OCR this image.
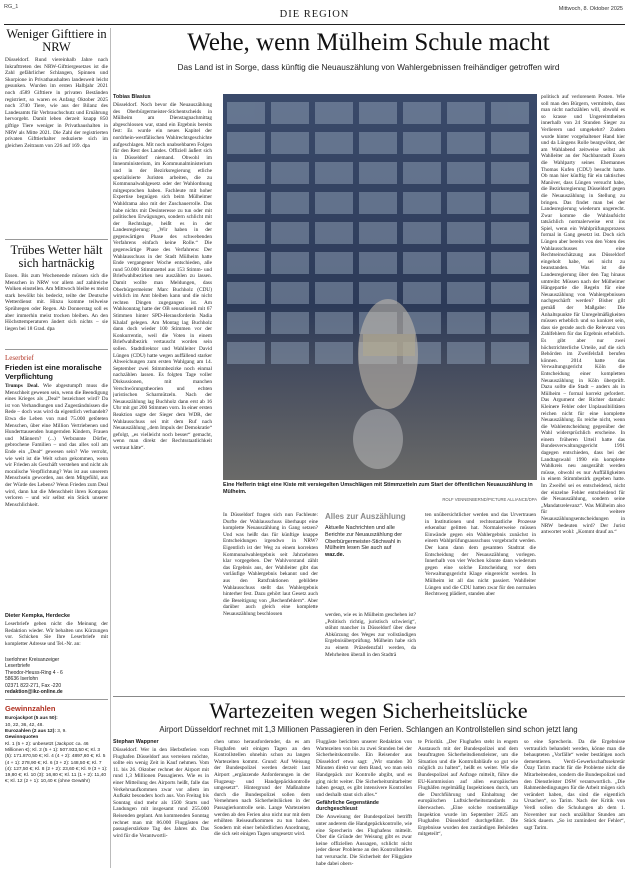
RG_1
DIE REGION	Mittwoch, 8. Oktober 2025
Weniger Gifttiere in NRW
Düsseldorf. Rund viereinhalb Jahre nach Inkrafttreten des NRW-Gifttiergesetzes ist die Zahl gefährlicher Schlangen, Spinnen und Skorpione in Privathaushalten landesweit leicht gesunken. Wurden im ersten Halbjahr 2021 noch 4589 Gifttiere in privaten Beständen registriert, so waren es Anfang Oktober 2025 noch 3740 Tiere, wie aus der Bilanz des Landesamts für Verbrauchschutz und Ernährung hervorgeht. Damit leben derzeit knapp 850 giftige Tiere weniger in Privathaushalten in NRW als Mitte 2021. Die Zahl der registrierten privaten Gifttierhalter reduzierte sich im gleichen Zeitraum von 226 auf 169. dpa
Trübes Wetter hält sich hartnäckig
Essen. Bis zum Wochenende müssen sich die Menschen in NRW vor allem auf zahlreiche Wolken einstellen. Am Mittwoch bleibe es meist stark bewölkt bis bedeckt, teilte der Deutsche Wetterdienst mit. Hinzu komme teilweise Sprühregen oder Regen. Ab Donnerstag soll es aber immerhin meist trocken bleiben. An den Höchsttemperaturen ändert sich nichts – sie liegen bei 18 Grad. dpa
Leserbrief
Frieden ist eine moralische Verpflichtung
Trumps Deal. Wie abgestumpft muss die Menschheit gewesen sein, wenn die Beendigung eines Krieges als „Deal“ bezeichnet wird? Da ist von Verhandlungen und Zugeständnissen die Rede – doch was wird da eigentlich verhandelt? Etwa die Leben von rund 75.000 getöteten Menschen, über eine Million Vertriebenen und Hunderttausenden hungernden Kindern, Frauen und Männern? (...) Verbrannte Dörfer, gebrochene Familien – und das alles soll am Ende ein „Deal“ gewesen sein? Wie verroht, wie weit ist die Welt schon gekommen, wenn wir Frieden als Geschäft verstehen und nicht als moralische Verpflichtung? Was ist aus unserem Menschsein geworden, aus dem Mitgefühl, aus der Würde des Lebens? Wenn Frieden zum Deal wird, dann hat die Menschheit ihren Kompass verloren – und wir selbst ein Stück unserer Menschlichkeit.
Dieter Kempka, Herdecke
Leserbriefe geben nicht die Meinung der Redaktion wieder. Wir behalten uns Kürzungen vor. Schicken Sie Ihre Leserbriefe mit kompletter Adresse und Tel.-Nr. an:
Iserlohner Kreisanzeiger
Leserbriefe
Theodor-Heuss-Ring 4 - 6
58636 Iserlohn
02371 822-271, Fax -220
redaktion@ikz-online.de
Gewinnzahlen
Eurojackpot (5 aus 50):
10, 22, 36, 42, 48.
Eurozahlen (2 aus 12): 3, 9.
Gewinnquoten
Kl. 1 (5 + 2): unbesetzt (Jackpot: ca. 46 Millionen €); Kl. 2 (5 + 1): 507.933,50 €; Kl. 3 (5): 171.870,50 €; Kl. 4 (4 + 2): 4897,60 €; Kl. 5 (4 + 1): 278,90 €; Kl. 6 (3 + 2): 148,50 €; Kl. 7 (4): 127,50 €; Kl. 8 (2 + 2): 23,60 €; Kl. 9 (3 + 1): 19,80 €; Kl. 10 (3): 16,80 €; Kl. 11 (1 + 2): 11,40 €; Kl. 12 (2 + 1): 10,40 € (ohne Gewähr)
Wehe, wenn Mülheim Schule macht
Das Land ist in Sorge, dass künftig die Neuauszählung von Wahlergebnissen freihändiger getroffen wird
Tobias Blasius
Düsseldorf. Noch bevor die Neuauszählung des Oberbürgermeister-Stichentscheids in Mülheim am Dienstagnachmittag abgeschlossen war, stand ein Ergebnis bereits fest: Es wurde ein neues Kapitel der nordrhein-westfälischen Wahlrechtsgeschichte aufgeschlagen. Mit noch unabsehbaren Folgen für den Rest des Landes. Offiziell äußert sich in Düsseldorf niemand. Obwohl im Innenministerium, im Kommunalministerium und in der Bezirksregierung etliche spezialisierte Juristen arbeiten, die zu Kommunalwahlgesetz oder der Wahlordnung mitgesprochen haben. Fachleute mit hoher Expertise begnügen sich beim Mülheimer Wahldrama also mit der Zuschauerrolle. Das habe nichts mit Desinteresse zu tun oder mit politischen Erwägungen, sondern schlicht mit der Rechtslage, heißt es in der Landesregierung: „Wir haben in der gegenwärtigen Phase des schwebenden Verfahrens einfach keine Rolle.“ Die gegenwärtige Phase des Verfahrens: Der Wahlausschuss in der Stadt Mülheim hatte Ende vergangener Woche entschieden, alle rund 50.000 Stimmzettel aus 153 Stimm- und Briefwahlbezirken neu auszählen zu lassen. Damit wollte man Meldungen, dass Oberbürgermeister Marc Buchholz (CDU) wirklich im Amt bleiben kann und die nicht rechten Dingen zugegangen ist. Am Wahlsonntag hatte der OB sensationell mit 67 Stimmen hinter SPD-Herausforderin Nadia Khalaf gelegen. Am Montag lag Buchholz dann doch wieder 100 Stimmen vor der Konkurrentin, weil die Voten in einem Briefwahlbezirk vertauscht worden sein sollen. Stadtdirektor und Wahlleiter David Lüngen (CDU) hatte wegen auffällend starker Abweichungen zum ersten Wahlgang am 14. September zwei Stimmbezirke noch einmal nachzählen lassen. Es folgten Tage voller Diskussionen, mit manchen Verschwörungstheorien und echten juristischen Scharmützeln. Nach der Neuauszählung lag Buchholz dann erst ab 16 Uhr mit gut 200 Stimmen vorn. In einer ersten Reaktion sagte der Sieger dem WDR, der Wahlausschuss sei mit dem Ruf nach Neuauszählung „dem Impuls der Demokratie“ gefolgt, „es vielleicht noch besser“ gemacht, wenn man direkt der Rechtsstaatlichkeit vertraut hätte“.
Eine Helferin trägt eine Kiste mit versiegelten Umschlägen mit Stimmzetteln zum Start der öffentlichen Neuauszählung in Mülheim.
ROLF VENNENBERND/PICTURE ALLIANCE/DPA
politisch auf verlorenem Posten. Wie soll man den Bürgern, vermitteln, dass man nicht nachzählen will, obwohl es so krasse und Ungereimtheiten innerhalb von 24 Stunden Sieger zu Verlierern und umgekehrt? Zudem wurde hinter vorgehaltener Hand hier und da Lüngens Rolle beargwöhnt, der am Wahlabend zeitweise selbst als Wahlleiter an der Nachbarstadt Essen die Wahlparty seines Ehemannes Thomas Kufen (CDU) besucht hatte. Ob man hier künftig für ein taktisches Manöver, dass Lüngen versucht habe, die Bezirksregierung Düsseldorf gegen die Neuauszählung in Stellung zu bringen. Das findet man bei der Landesregierung wiederum ungerecht. Zwar komme die Wahlaufsicht tatsächlich normalerweise erst ins Spiel, wenn ein Wahlprüfungsprozess formal in Gang gesetzt ist. Doch sich Lüngen aber bereits von den Voten des Wahlausschusses eine Rechtseinschätzung aus Düsseldorf eingeholt habe, sei nicht zu beanstanden. Was ist die Landesregierung über den Tag hinaus umtreibt: Müssen nach der Mülheimer Hängepartie die Regeln für eine Neuauszählung von Wahlergebnissen nachgeschärft werden? Bisher gilt gemäß der Maßgabe: Die Anhaltspunkte für Unregelmäßigkeiten müssen erheblich und so konkret sein, dass sie gerade auch die Relevanz von Zahlfehlern für das Ergebnis erheblich. Es gibt aber nur zwei höchstrichterliche Urteile, auf die sich Behörden im Zweifelsfall berufen können. 2014 hatte das Verwaltungsgericht Köln die Entscheidung einer kompletten Neuauszählung in Köln überprüft. Dazu sollte die Stadt – anders als in Mülheim – formal korrekt gefordert. Das Argument der Richter damals: Kleinere Fehler oder Unplausibilitäten reichen nicht für eine komplette Neuauszählung. Es reiche nicht, wenn die Wahlentscheidung gegenüber der Wahl widersprüchlich erscheine. In einem früheren Urteil hatte das Bundesverwaltungsgericht 1991 dagegen entschieden, dass bei der Landtagswahl 1990 ein komplette Wahlkreis neu ausgezählt werden müsse, obwohl es nur Auffälligkeiten in einem Stimmbezirk gegeben hatte. Im Zweifel sei es entscheidend, nicht der einzelne Fehler entscheidend für die Neuauszählung, sondern seine „Mandatsrelevanz“. Was Mülheim also für weitere Neuauszählungsentscheidungen in NRW bedeuten wird? Der Jurist antwortet wohl: „Kommt drauf an.“
In Düsseldorf fragen sich nun Fachleute: Durfte der Wahlausschuss überhaupt eine komplette Neuauszählung in Gang setzen? Und was heißt das für künftige knappe Entscheidungen irgendwo in NRW? Eigentlich ist der Weg zu einem korrekten Kommunalwahlergebnis seit Jahrzehnten klar vorgegeben. Der Wahlvorstand zählt das Ergebnis aus, der Wahlleiter gibt das vorläufige Wahlergebnis bekannt und der aus den Ratsfraktionen gebildete Wahlausschuss stellt das Wahlergebnis hinterher fest. Dazu gehört laut Gesetz auch die Beseitigung von „Rechenfehlern“. Aber darüber auch gleich eine komplette Neuauszählung beschlossen
Alles zur Auszählung
Aktuelle Nachrichten und alle Berichte zur Neuauszählung der Oberbürgermeister-Stichwahl in Mülheim lesen Sie auch auf
waz.de.
werden, wie es in Mülheim geschehen ist? „Politisch richtig, juristisch schwierig“, stöhnt mancher in Düsseldorf über diese Abkürzung des Weges zur vollständigen Ergebnisüberprüfung. Mülheim habe sich zu einem Präzedenzfall werden, da Mehrheiten überall in den Stadträ
ten unübersichtlicher werden und das Urvertrauen in Institutionen und rechtsstaatliche Prozesse erkennbar gelitten hat. Normalerweise müssen Einwände gegen ein Wahlergebnis zunächst in einem Wahlprüfungsausschuss vorgebracht werden. Der kann dann dem gesamten Stadtrat die Entscheidung der Neuauszählung vorlegen. Innerhalb von vier Wochen könnte dann wiederum gegen eine solche Entscheidung vor dem Verwaltungsgericht Klage eingereicht werden. In Mülheim ist all das nicht passiert. Wahlleiter Lüngen und die CDU hatten zwar für den normalen Rechtsweg plädiert, standen aber
Wartezeiten wegen Sicherheitslücke
Airport Düsseldorf rechnet mit 1,3 Millionen Passagieren in den Ferien. Schlangen an Kontrollstellen sind schon jetzt lang
Stephan Wappner
Düsseldorf. Wer in den Herbstferien vom Flughafen Düsseldorf aus verreisen möchte, sollte ein wenig Zeit in Kauf nehmen. Vom 11. bis 26. Oktober rechnet der Airport mit rund 1,3 Millionen Passagieren. Wie es in einer Mitteilung des Airports heißt, falle das Verkehrsaufkommen zwar vor allem im Aufkakt besonders hoch aus. Von Freitag bis Sonntag sind mehr als 1500 Starts und Landungen mit insgesamt rund 255.000 Reisenden geplant. Am kommenden Sonntag rechnet man mit 86.000 Fluggästen der passagierstärkste Tag des Jahres ab. Das wird für die Verantwortli-
chen umso herausfordernder, da es am Flughafen seit einigen Tagen an den Kontrollstellen ohnehin schon zu langen Wartezeiten kommt. Grund: Auf Weisung der Bundespolizei werden derzeit laut Airport „ergänzende Anforderungen in der Flugzeug- und Handgepäckkontrolle umgesetzt“. Hintergrund der Maßnahme durch die Bundespolizei sollen dem Vernehmen nach Sicherheitslücken in der Passagierkontrolle sein. Lange Wartezeiten werden ab den Ferien also nicht nur mit dem erhöhten Reiseaufkommen zu tun haben. Sondern mit einer behördlichen Anordnung, die sich seit einigen Tagen umgesetzt wird.
Fluggäste berichten unserer Redaktion von Wartezeiten von bis zu zwei Stunden bei der Sicherheitskontrolle. Ein Reisender aus Düsseldorf etwa sagt: „Wir standen 30 Minuten direkt vor dem Band, wo man sein Handgepäck zur Kontrolle abgibt, und es ging nicht weiter. Die Sicherheitsmitarbeiter haben gesagt, es gibt intensivere Kontrollen und deshalb staut sich alles.“
Gefährliche Gegenstände durchgeschleust
Die Anweisung der Bundespolizei betrifft unter anderem die Handgepäckkontrolle, wie eine Sprecherin des Flughafens mitteilt. Über die Gründe der Weisung gibt es zwar keine offiziellen Aussagen, schlicht nicht jeder dieser Probleme an den Kontrollstellen hat verursacht. Die Sicherheit der Flüggäste habe dabei obers-
te Priorität. „Der Flughafen steht in engem Austausch mit der Bundespolizei und dem beauftragten Sicherheitsdienstleister, um die Situation und die Kontrollabläufe so gut wie möglich zu halten“, heißt es weiter. Wie die Bundespolizei auf Anfrage mitteilt, führe die EU-Kommission auf allen europäischen Flughäfen regelmäßig Inspektionen durch, um die Durchführung und Einhaltung der europäischen Luftsicherheitsstandards zu überwachen. „Eine solche routinemäßige Inspektion wurde im September 2025 am Flughafen Düsseldorf durchgeführt. Die Ergebnisse wurden den zuständigen Behörden mitgeteilt“,
so eine Sprecherin. Da die Ergebnisse vertraulich behandelt werden, könne man die behaupteten „Vorfälle“ weder bestätigen noch dementieren. Verdi-Gewerkschaftssekretär Özay Tarim macht für die Probleme nicht die Mitarbeitenden, sondern die Bundespolizei und den Dienstleister DSW verantwortlich. „Die Rahmenbedingungen für die Arbeit mögen sich verändert haben, das sind die eigentlich Ursachen“, so Tarim. Nach der Kritik von Verdi sollen die Schulungen ab dem 1. November nur noch unzählbar Stunden am Stück dauern. „So ist zumindest der Fehler“, sagt Tarim.
